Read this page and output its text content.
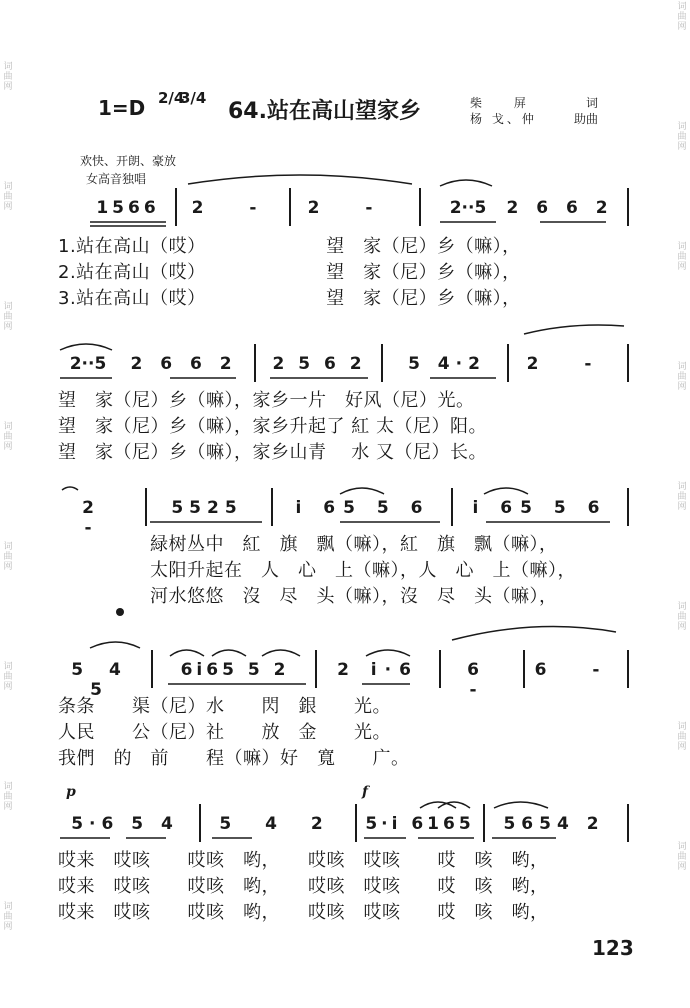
词曲网
词曲网
词曲网
词曲网
词曲网
词曲网
词曲网
词曲网
词曲网
词曲网
词曲网
词曲网
词曲网
词曲网
词曲网
词曲网
1=D 2/4
3/4
64.站在高山望家乡	柴 屏	词
杨 戈、仲	助曲
欢快、开朗、豪放
女高音独唱
1566	2 -	2 -	2··5	2 6 6 2
1.站在高山（哎）　　　　　　　望　家（尼）乡（嘛），
2.站在高山（哎）　　　　　　　望　家（尼）乡（嘛），
3.站在高山（哎）　　　　　　　望　家（尼）乡（嘛），
2··5	2 6 6 2	2 5 6 2	5 4·2	2 -
望　家（尼）乡（嘛），家乡一片　好风（尼）光。
望　家（尼）乡（嘛），家乡升起了 紅 太（尼）阳。
望　家（尼）乡（嘛），家乡山青　 水 又（尼）长。
2 -
5525	i 65 5 6	i 65 5 6
緑树丛中　紅　旗　飘（嘛），紅　旗　飘（嘛），
太阳升起在　人　心　上（嘛），人　心　上（嘛），
河水悠悠　沒　尽　头（嘛），沒　尽　头（嘛），
5 4 5
6i65 5 2	2 i·6	6 -
6 -
条条　　渠（尼）水　　閃　銀　　光。
人民　　公（尼）社　　放　金　　光。
我們　的　前　　程（嘛）好　寬　　广。
p	f
5·6 5 4	5 4 2	5·i 6165	5654 2
哎来　哎咳　　哎咳　哟，　　哎咳　哎咳　　哎　咳　哟，
哎来　哎咳　　哎咳　哟，　　哎咳　哎咳　　哎　咳　哟，
哎来　哎咳　　哎咳　哟，　　哎咳　哎咳　　哎　咳　哟，
123
